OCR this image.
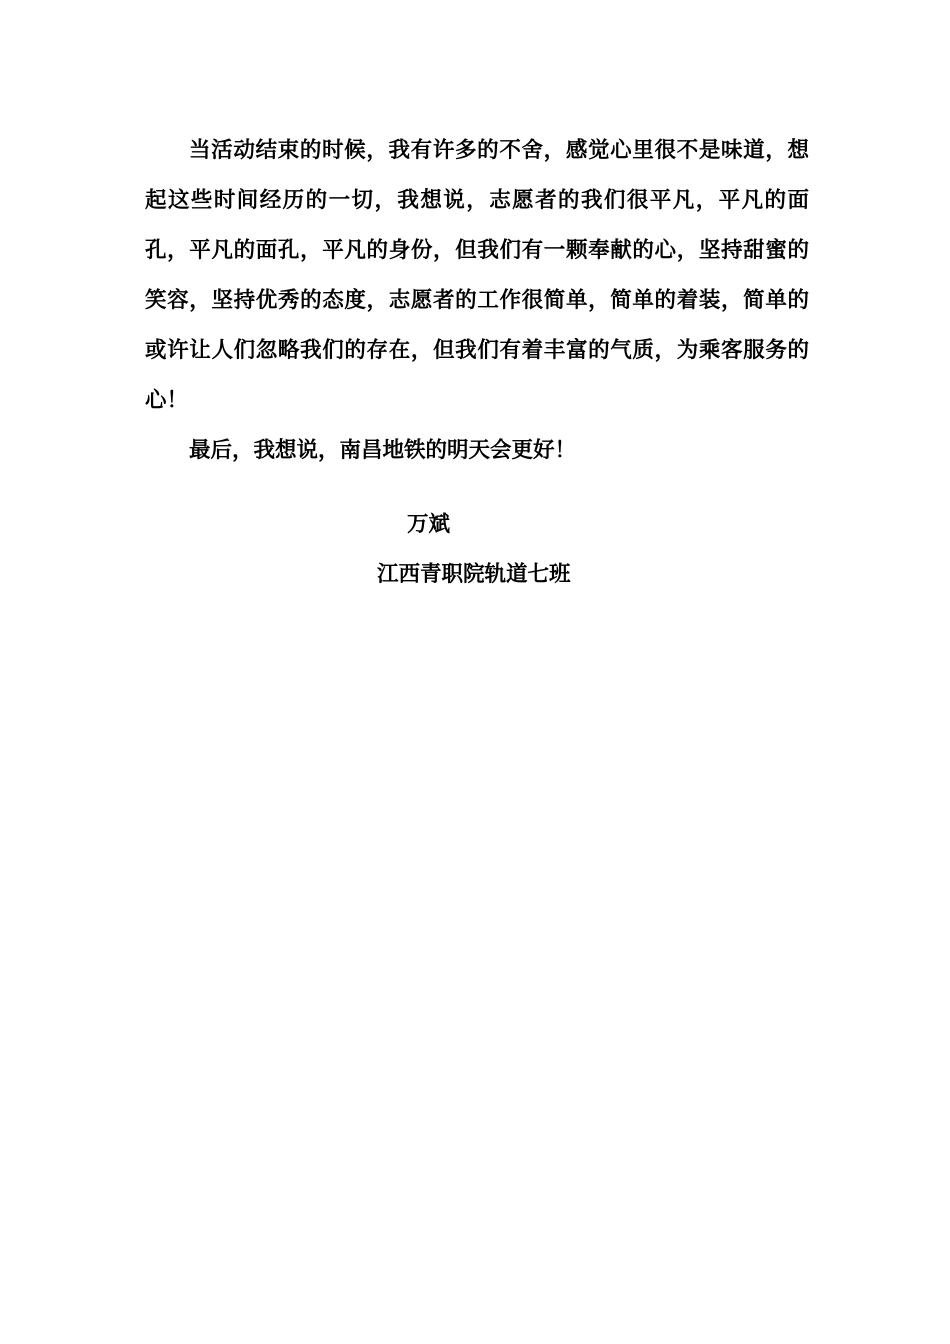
当活动结束的时候，我有许多的不舍，感觉心里很不是味道，想起这些时间经历的一切，我想说，志愿者的我们很平凡，平凡的面孔，平凡的面孔，平凡的身份，但我们有一颗奉献的心，坚持甜蜜的笑容，坚持优秀的态度，志愿者的工作很简单，简单的着装，简单的或许让人们忽略我们的存在，但我们有着丰富的气质，为乘客服务的心！

最后，我想说，南昌地铁的明天会更好！

万斌
江西青职院轨道七班
